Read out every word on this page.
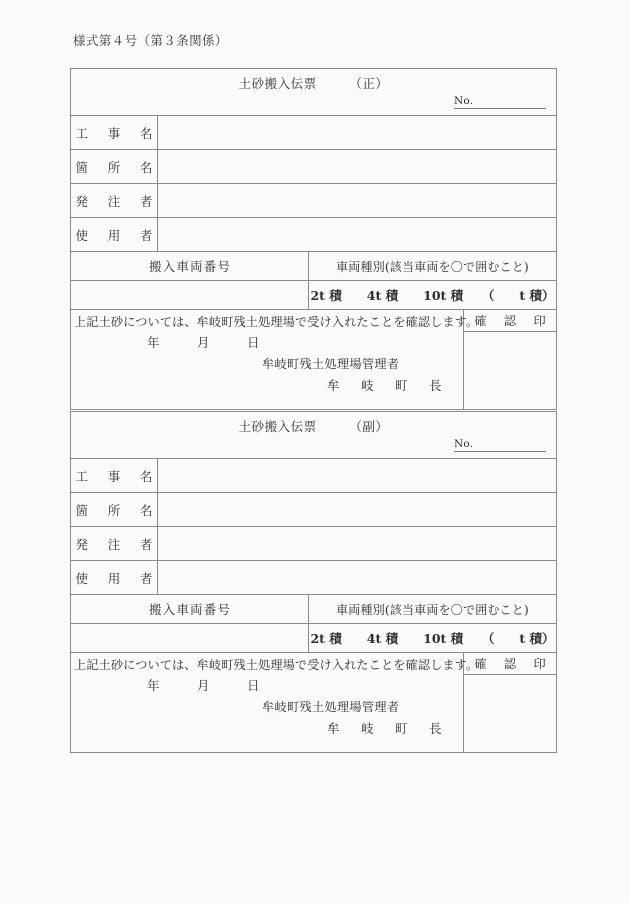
様式第４号（第３条関係）
土砂搬入伝票　　　（正）
No.
工　事　名
箇　所　名
発　注　者
使　用　者
搬入車両番号	車両種別(該当車両を〇で囲むこと)
2t 積　　4t 積　　10t 積　　（　　t 積）
上記土砂については、牟岐町残土処理場で受け入れたことを確認します。
年　　　月　　　日
牟岐町残土処理場管理者
牟　岐　町　長
確　認　印
土砂搬入伝票　　　（副）
No.
工　事　名
箇　所　名
発　注　者
使　用　者
搬入車両番号	車両種別(該当車両を〇で囲むこと)
2t 積　　4t 積　　10t 積　　（　　t 積）
上記土砂については、牟岐町残土処理場で受け入れたことを確認します。
年　　　月　　　日
牟岐町残土処理場管理者
牟　岐　町　長
確　認　印
